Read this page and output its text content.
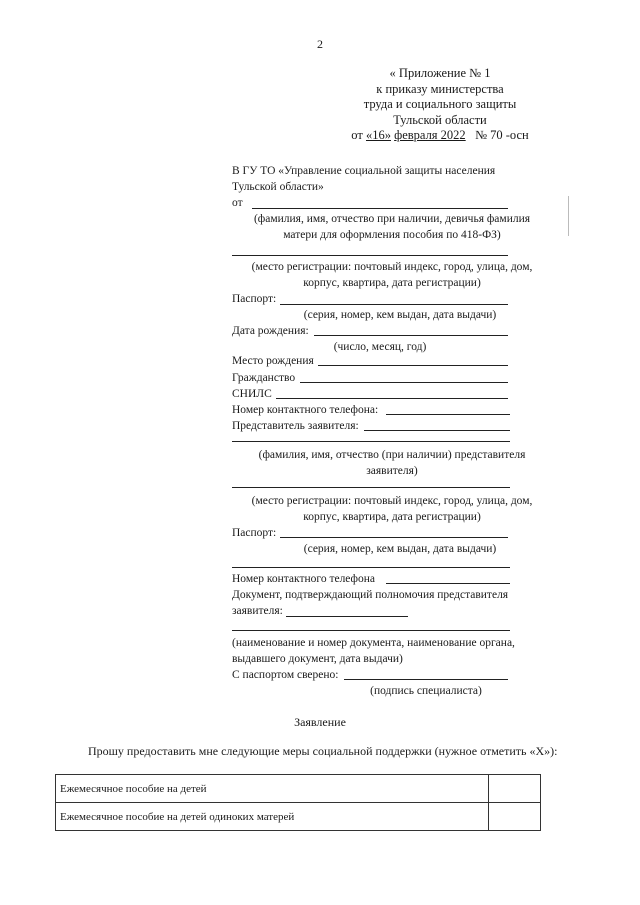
2
« Приложение № 1
к приказу министерства
труда и социального защиты
Тульской области
от «16» февраля 2022 № 70 -осн
В ГУ ТО «Управление социальной защиты населения
Тульской области»
от
(фамилия, имя, отчество при наличии, девичья фамилия
матери для оформления пособия по 418-ФЗ)
(место регистрации: почтовый индекс, город, улица, дом,
корпус, квартира, дата регистрации)
Паспорт:
(серия, номер, кем выдан, дата выдачи)
Дата рождения:
(число, месяц, год)
Место рождения
Гражданство
СНИЛС
Номер контактного телефона:
Представитель заявителя:
(фамилия, имя, отчество (при наличии) представителя
заявителя)
(место регистрации: почтовый индекс, город, улица, дом,
корпус, квартира, дата регистрации)
Паспорт:
(серия, номер, кем выдан, дата выдачи)
Номер контактного телефона
Документ, подтверждающий полномочия представителя
заявителя:
(наименование и номер документа, наименование органа,
выдавшего документ, дата выдачи)
С паспортом сверено:
(подпись специалиста)
Заявление
Прошу предоставить мне следующие меры социальной поддержки (нужное отметить «X»):
Ежемесячное пособие на детей	
Ежемесячное пособие на детей одиноких матерей	
